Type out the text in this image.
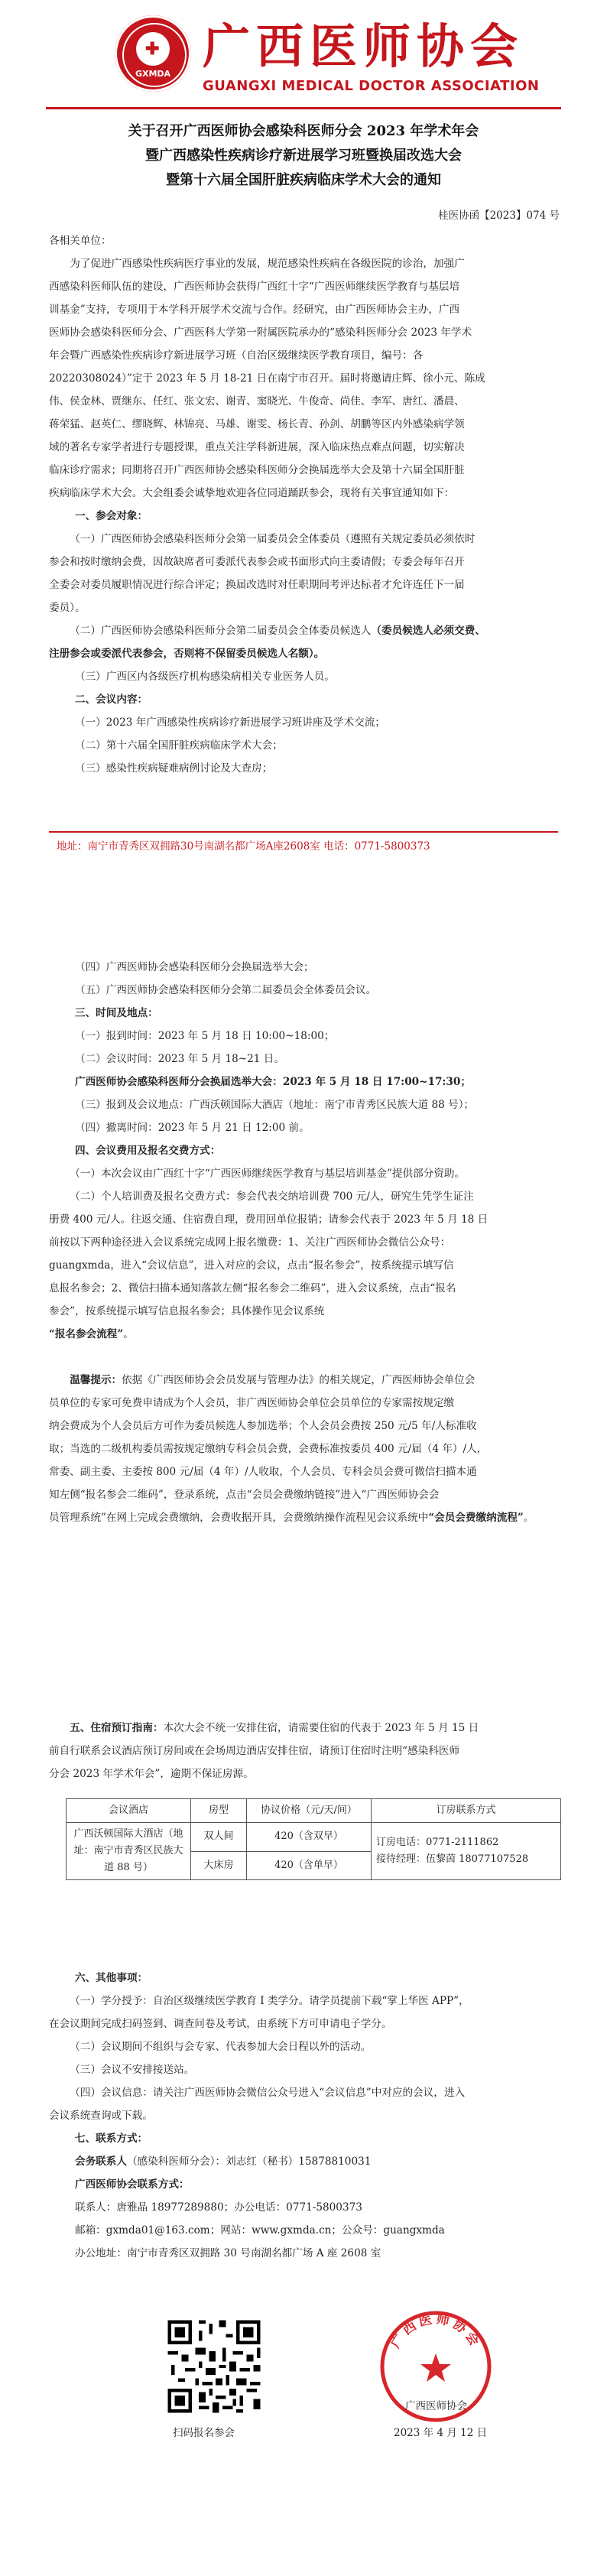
✚
GXMDA 广西医师协会
GUANGXI MEDICAL DOCTOR ASSOCIATION
关于召开广西医师协会感染科医师分会 2023 年学术年会
暨广西感染性疾病诊疗新进展学习班暨换届改选大会
暨第十六届全国肝脏疾病临床学术大会的通知
桂医协函【2023】074 号
各相关单位：
为了促进广西感染性疾病医疗事业的发展，规范感染性疾病在各级医院的诊治，加强广
西感染科医师队伍的建设，广西医师协会获得广西红十字“广西医师继续医学教育与基层培
训基金”支持，专项用于本学科开展学术交流与合作。经研究，由广西医师协会主办，广西
医师协会感染科医师分会、广西医科大学第一附属医院承办的“感染科医师分会 2023 年学术
年会暨广西感染性疾病诊疗新进展学习班（自治区级继续医学教育项目，编号：各
20220308024）”定于 2023 年 5 月 18-21 日在南宁市召开。届时将邀请庄辉、徐小元、陈成
伟、侯金林、贾继东、任红、张文宏、谢青、窦晓光、牛俊奇、尚佳、李军、唐红、潘晨、
蒋荣猛、赵英仁、缪晓辉、林锦亮、马雄、谢雯、杨长青、孙剑、胡鹏等区内外感染病学领
域的著名专家学者进行专题授课，重点关注学科新进展，深入临床热点难点问题，切实解决
临床诊疗需求；同期将召开广西医师协会感染科医师分会换届选举大会及第十六届全国肝脏
疾病临床学术大会。大会组委会诚挚地欢迎各位同道踊跃参会，现将有关事宜通知如下：
一、参会对象：
（一）广西医师协会感染科医师分会第一届委员会全体委员（遵照有关规定委员必须依时
参会和按时缴纳会费，因故缺席者可委派代表参会或书面形式向主委请假；专委会每年召开
全委会对委员履职情况进行综合评定；换届改选时对任职期间考评达标者才允许连任下一届
委员）。
（二）广西医师协会感染科医师分会第二届委员会全体委员候选人（委员候选人必须交费、
注册参会或委派代表参会，否则将不保留委员候选人名额）。
（三）广西区内各级医疗机构感染病相关专业医务人员。
二、会议内容：
（一）2023 年广西感染性疾病诊疗新进展学习班讲座及学术交流；
（二）第十六届全国肝脏疾病临床学术大会；
（三）感染性疾病疑难病例讨论及大查房；
地址：南宁市青秀区双拥路30号南湖名都广场A座2608室 电话：0771-5800373
（四）广西医师协会感染科医师分会换届选举大会；
（五）广西医师协会感染科医师分会第二届委员会全体委员会议。
三、时间及地点：
（一）报到时间：2023 年 5 月 18 日 10:00~18:00；
（二）会议时间：2023 年 5 月 18~21 日。
广西医师协会感染科医师分会换届选举大会：2023 年 5 月 18 日 17:00~17:30；
（三）报到及会议地点：广西沃顿国际大酒店（地址：南宁市青秀区民族大道 88 号）；
（四）撤离时间：2023 年 5 月 21 日 12:00 前。
四、会议费用及报名交费方式：
（一）本次会议由广西红十字“广西医师继续医学教育与基层培训基金”提供部分资助。
（二）个人培训费及报名交费方式：参会代表交纳培训费 700 元/人，研究生凭学生证注
册费 400 元/人。往返交通、住宿费自理，费用回单位报销；请参会代表于 2023 年 5 月 18 日
前按以下两种途径进入会议系统完成网上报名缴费：1、关注广西医师协会微信公众号：
guangxmda，进入“会议信息”，进入对应的会议，点击“报名参会”，按系统提示填写信
息报名参会；2、微信扫描本通知落款左侧“报名参会二维码”，进入会议系统，点击“报名
参会”，按系统提示填写信息报名参会；具体操作见会议系统
“报名参会流程”。
温馨提示：依据《广西医师协会会员发展与管理办法》的相关规定，广西医师协会单位会
员单位的专家可免费申请成为个人会员，非广西医师协会单位会员单位的专家需按规定缴
纳会费成为个人会员后方可作为委员候选人参加选举；个人会员会费按 250 元/5 年/人标准收
取；当选的二级机构委员需按规定缴纳专科会员会费，会费标准按委员 400 元/届（4 年）/人，
常委、副主委、主委按 800 元/届（4 年）/人收取，个人会员、专科会员会费可微信扫描本通
知左侧“报名参会二维码”，登录系统，点击“会员会费缴纳链接”进入“广西医师协会会
员管理系统”在网上完成会费缴纳，会费收据开具，会费缴纳操作流程见会议系统中“会员会费缴纳流程”。
五、住宿预订指南：本次大会不统一安排住宿，请需要住宿的代表于 2023 年 5 月 15 日
前自行联系会议酒店预订房间或在会场周边酒店安排住宿，请预订住宿时注明“感染科医师
分会 2023 年学术年会”，逾期不保证房源。
会议酒店	房型	协议价格（元/天/间）	订房联系方式
广西沃顿国际大酒店（地址：南宁市青秀区民族大道 88 号）	双人间	420（含双早）	订房电话：0771-2111862
接待经理：伍黎茵 18077107528

	大床房	420（含单早）	
六、其他事项：
（一）学分授予：自治区级继续医学教育 I 类学分。请学员提前下载“掌上华医 APP”，
在会议期间完成扫码签到、调查问卷及考试，由系统下方可申请电子学分。
（二）会议期间不组织与会专家、代表参加大会日程以外的活动。
（三）会议不安排接送站。
（四）会议信息：请关注广西医师协会微信公众号进入“会议信息”中对应的会议，进入
会议系统查询或下载。
七、联系方式：
会务联系人（感染科医师分会）：刘志红（秘书）15878810031
广西医师协会联系方式：
联系人：唐雅晶 18977289880；办公电话：0771-5800373
邮箱：gxmda01@163.com；网站：www.gxmda.cn；公众号：guangxmda
办公地址：南宁市青秀区双拥路 30 号南湖名都广场 A 座 2608 室
扫码报名参会
广西医师协会
广西医师协会
2023 年 4 月 12 日
